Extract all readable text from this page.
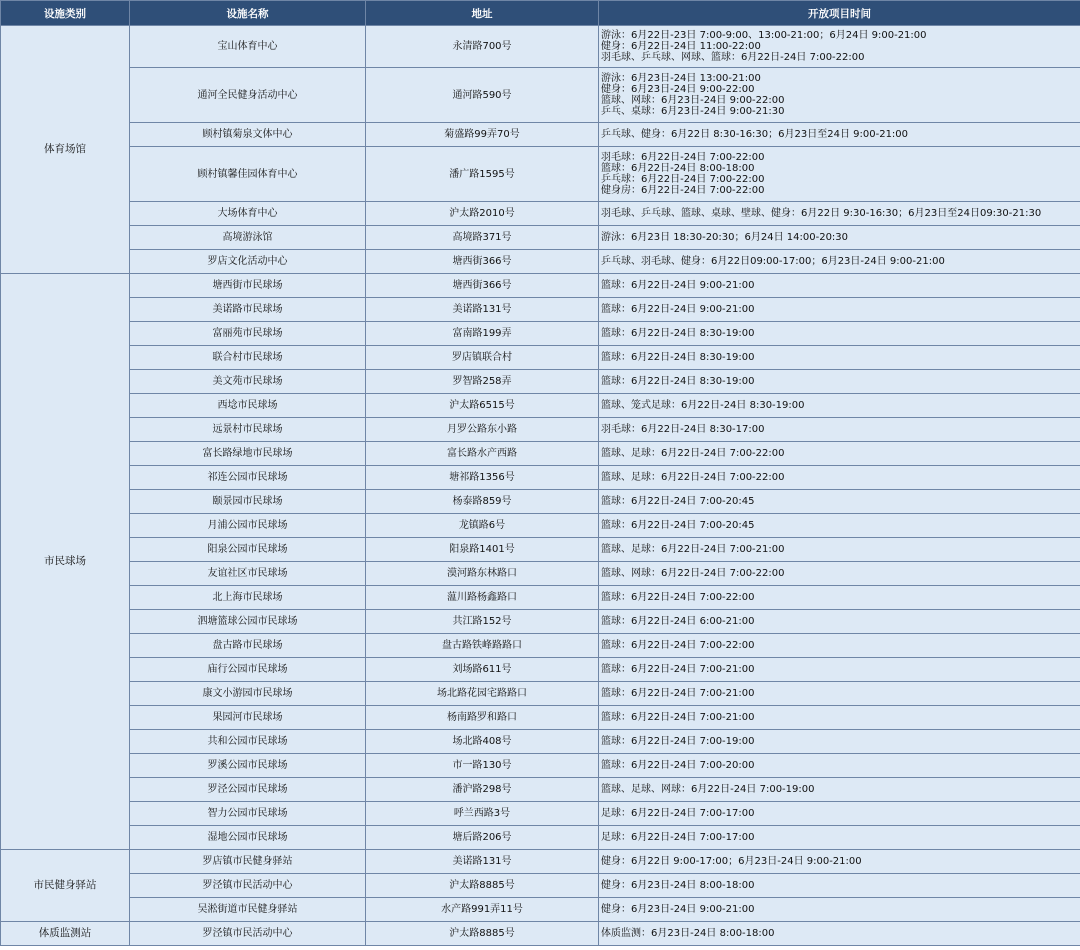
设施类别	设施名称	地址	开放项目时间
体育场馆	宝山体育中心	永清路700号	游泳：6月22日-23日 7:00-9:00、13:00-21:00；6月24日 9:00-21:00
健身：6月22日-24日 11:00-22:00
羽毛球、乒乓球、网球、篮球：6月22日-24日 7:00-22:00

	通河全民健身活动中心	通河路590号	游泳：6月23日-24日 13:00-21:00
健身：6月23日-24日 9:00-22:00
篮球、网球：6月23日-24日 9:00-22:00
乒乓、桌球：6月23日-24日 9:00-21:30

	顾村镇菊泉文体中心	菊盛路99弄70号	乒乓球、健身：6月22日 8:30-16:30；6月23日至24日 9:00-21:00

	顾村镇馨佳园体育中心	潘广路1595号	羽毛球：6月22日-24日 7:00-22:00
篮球：6月22日-24日 8:00-18:00
乒乓球：6月22日-24日 7:00-22:00
健身房：6月22日-24日 7:00-22:00

	大场体育中心	沪太路2010号	羽毛球、乒乓球、篮球、桌球、壁球、健身：6月22日 9:30-16:30；6月23日至24日09:30-21:30

	高境游泳馆	高境路371号	游泳：6月23日 18:30-20:30；6月24日 14:00-20:30

	罗店文化活动中心	塘西街366号	乒乓球、羽毛球、健身：6月22日09:00-17:00；6月23日-24日 9:00-21:00

市民球场	塘西街市民球场	塘西街366号	篮球：6月22日-24日 9:00-21:00

	美诺路市民球场	美诺路131号	篮球：6月22日-24日 9:00-21:00

	富丽苑市民球场	富南路199弄	篮球：6月22日-24日 8:30-19:00

	联合村市民球场	罗店镇联合村	篮球：6月22日-24日 8:30-19:00

	美文苑市民球场	罗智路258弄	篮球：6月22日-24日 8:30-19:00

	西埝市民球场	沪太路6515号	篮球、笼式足球：6月22日-24日 8:30-19:00

	远景村市民球场	月罗公路东小路	羽毛球：6月22日-24日 8:30-17:00

	富长路绿地市民球场	富长路水产西路	篮球、足球：6月22日-24日 7:00-22:00

	祁连公园市民球场	塘祁路1356号	篮球、足球：6月22日-24日 7:00-22:00

	颐景园市民球场	杨泰路859号	篮球：6月22日-24日 7:00-20:45

	月浦公园市民球场	龙镇路6号	篮球：6月22日-24日 7:00-20:45

	阳泉公园市民球场	阳泉路1401号	篮球、足球：6月22日-24日 7:00-21:00

	友谊社区市民球场	漠河路东林路口	篮球、网球：6月22日-24日 7:00-22:00

	北上海市民球场	蕰川路杨鑫路口	篮球：6月22日-24日 7:00-22:00

	泗塘篮球公园市民球场	共江路152号	篮球：6月22日-24日 6:00-21:00

	盘古路市民球场	盘古路铁峰路路口	篮球：6月22日-24日 7:00-22:00

	庙行公园市民球场	刘场路611号	篮球：6月22日-24日 7:00-21:00

	康文小游园市民球场	场北路花园宅路路口	篮球：6月22日-24日 7:00-21:00

	果园河市民球场	杨南路罗和路口	篮球：6月22日-24日 7:00-21:00

	共和公园市民球场	场北路408号	篮球：6月22日-24日 7:00-19:00

	罗溪公园市民球场	市一路130号	篮球：6月22日-24日 7:00-20:00

	罗泾公园市民球场	潘沪路298号	篮球、足球、网球：6月22日-24日 7:00-19:00

	智力公园市民球场	呼兰西路3号	足球：6月22日-24日 7:00-17:00

	湿地公园市民球场	塘后路206号	足球：6月22日-24日 7:00-17:00

市民健身驿站	罗店镇市民健身驿站	美诺路131号	健身：6月22日 9:00-17:00；6月23日-24日 9:00-21:00

	罗泾镇市民活动中心	沪太路8885号	健身：6月23日-24日 8:00-18:00

	吴淞街道市民健身驿站	水产路991弄11号	健身：6月23日-24日 9:00-21:00

体质监测站	罗泾镇市民活动中心	沪太路8885号	体质监测：6月23日-24日 8:00-18:00
